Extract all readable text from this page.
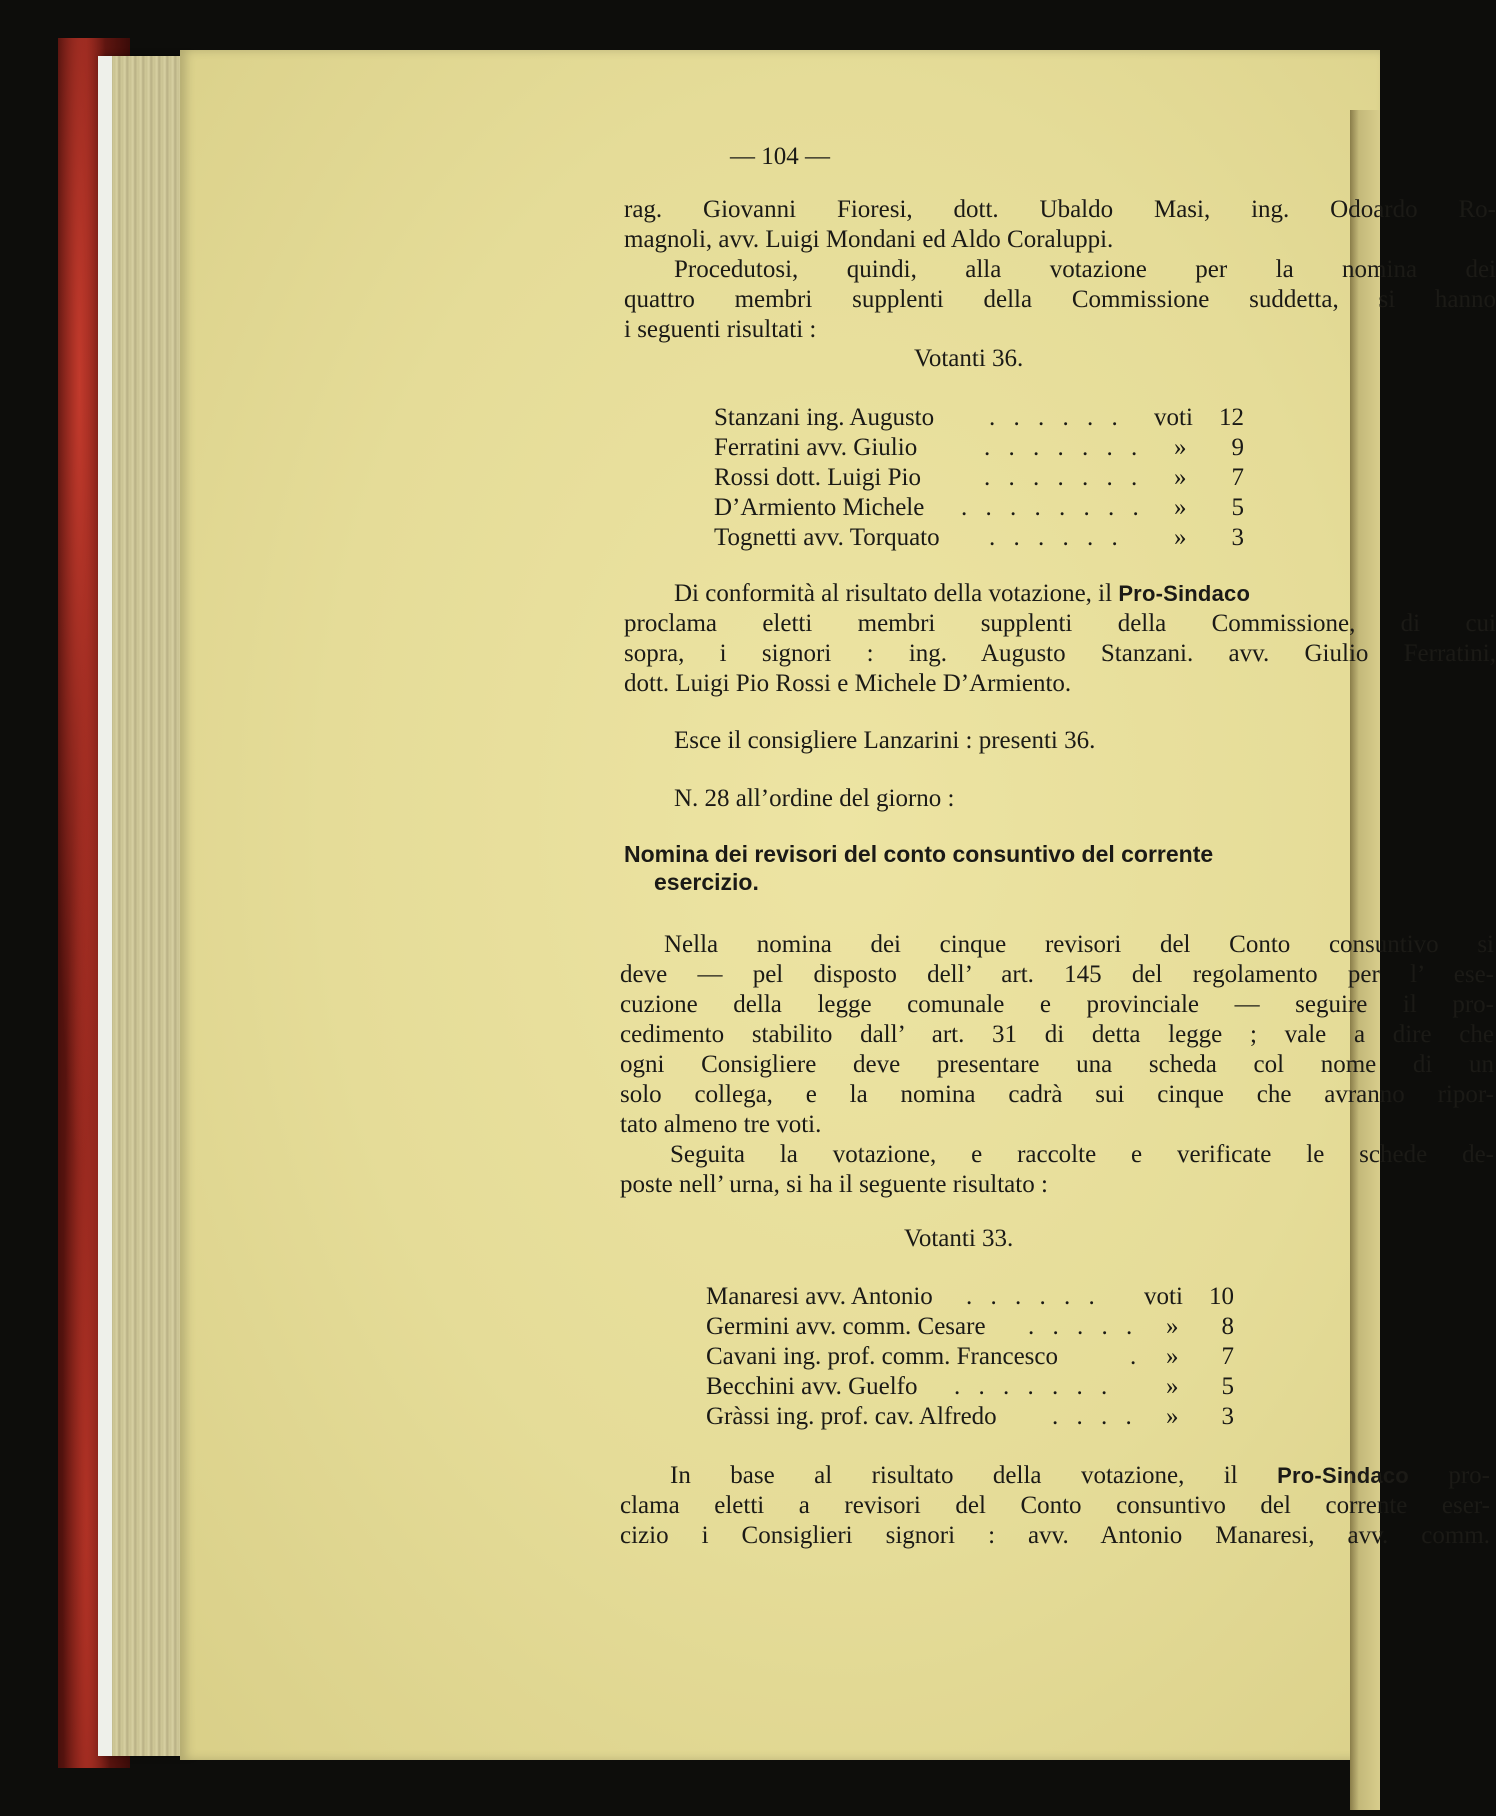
— 104 —

rag. Giovanni Fioresi, dott. Ubaldo Masi, ing. Odoardo Ro-

magnoli, avv. Luigi Mondani ed Aldo Coraluppi.

Procedutosi, quindi, alla votazione per la nomina dei

quattro membri supplenti della Commissione suddetta, si hanno

i seguenti risultati :

Votanti 36.

Stanzani ing. Augusto . . . . . . voti 12
Ferratini avv. Giulio	. . . . . . . »	9
Rossi dott. Luigi Pio	. . . . . . . »	7
D’Armiento Michele . . . . . . . . »	5
Tognetti avv. Torquato . . . . . . »	3

Di conformità al risultato della votazione, il Pro-Sindaco

proclama eletti membri supplenti della Commissione, di cui

sopra, i signori : ing. Augusto Stanzani. avv. Giulio Ferratini,

dott. Luigi Pio Rossi e Michele D’Armiento.

Esce il consigliere Lanzarini : presenti 36.

N. 28 all’ordine del giorno :

Nomina dei revisori del conto consuntivo del corrente

esercizio.

Nella nomina dei cinque revisori del Conto consuntivo si

deve — pel disposto dell’ art. 145 del regolamento per l’ ese-

cuzione della legge comunale e provinciale — seguire il pro-

cedimento stabilito dall’ art. 31 di detta legge ; vale a dire che

ogni Consigliere deve presentare una scheda col nome di un

solo collega, e la nomina cadrà sui cinque che avranno ripor-

tato almeno tre voti.

Seguita la votazione, e raccolte e verificate le schede de-

poste nell’ urna, si ha il seguente risultato :

Votanti 33.

Manaresi avv. Antonio . . . . . . voti 10
Germini avv. comm. Cesare . . . . . »	8
Cavani ing. prof. comm. Francesco	. »	7
Becchini avv. Guelfo . . . . . . . »	5
Gràssi ing. prof. cav. Alfredo . . . . »	3

In base al risultato della votazione, il Pro-Sindaco pro-

clama eletti a revisori del Conto consuntivo del corrente eser-

cizio i Consiglieri signori : avv. Antonio Manaresi, avv. comm.
